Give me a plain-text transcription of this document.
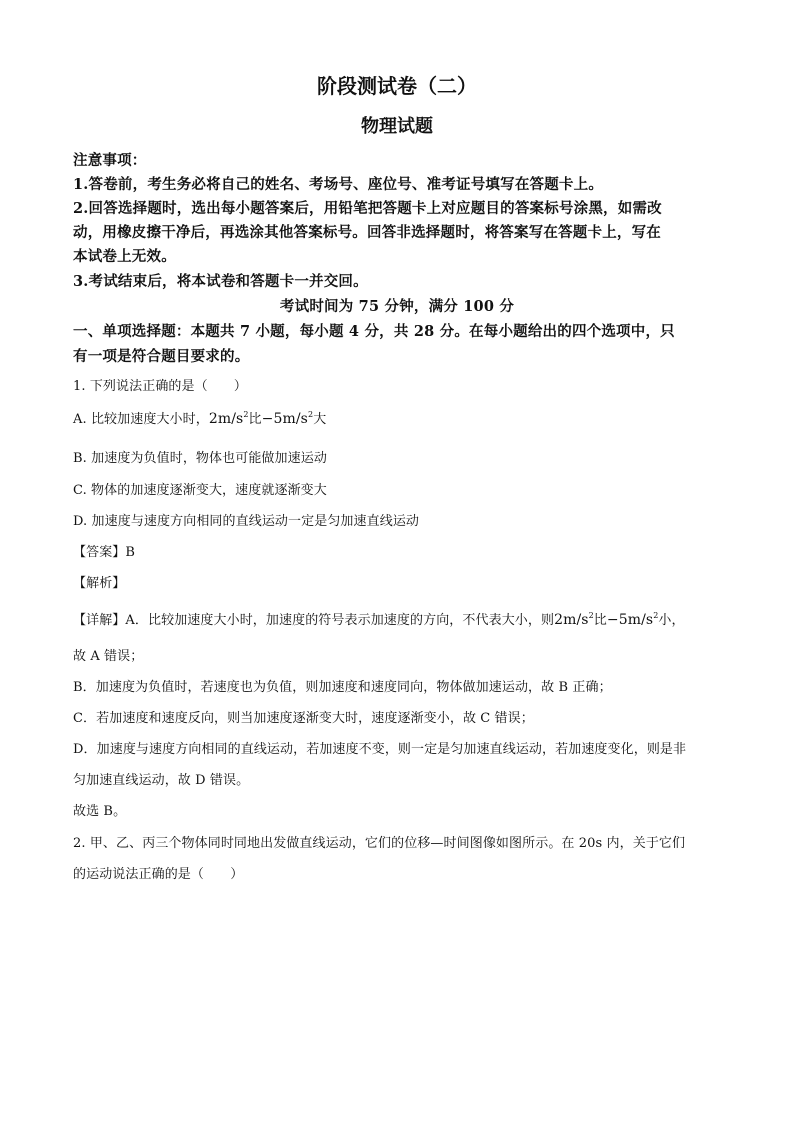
阶段测试卷（二）
物理试题
注意事项：
1.答卷前，考生务必将自己的姓名、考场号、座位号、准考证号填写在答题卡上。
2.回答选择题时，选出每小题答案后，用铅笔把答题卡上对应题目的答案标号涂黑，如需改
动，用橡皮擦干净后，再选涂其他答案标号。回答非选择题时，将答案写在答题卡上，写在
本试卷上无效。
3.考试结束后，将本试卷和答题卡一并交回。
考试时间为 75 分钟，满分 100 分
一、单项选择题：本题共 7 小题，每小题 4 分，共 28 分。在每小题给出的四个选项中，只
有一项是符合题目要求的。
1. 下列说法正确的是（　　）
A. 比较加速度大小时，$2m/s^2$比$-5m/s^2$大
B. 加速度为负值时，物体也可能做加速运动
C. 物体的加速度逐渐变大，速度就逐渐变大
D. 加速度与速度方向相同的直线运动一定是匀加速直线运动
【答案】B
【解析】
【详解】A．比较加速度大小时，加速度的符号表示加速度的方向，不代表大小，则$2m/s^2$比$-5m/s^2$小，
故 A 错误；
B．加速度为负值时，若速度也为负值，则加速度和速度同向，物体做加速运动，故 B 正确；
C．若加速度和速度反向，则当加速度逐渐变大时，速度逐渐变小，故 C 错误；
D．加速度与速度方向相同的直线运动，若加速度不变，则一定是匀加速直线运动，若加速度变化，则是非
匀加速直线运动，故 D 错误。
故选 B。
2. 甲、乙、丙三个物体同时同地出发做直线运动，它们的位移—时间图像如图所示。在 20s 内，关于它们
的运动说法正确的是（　　）
